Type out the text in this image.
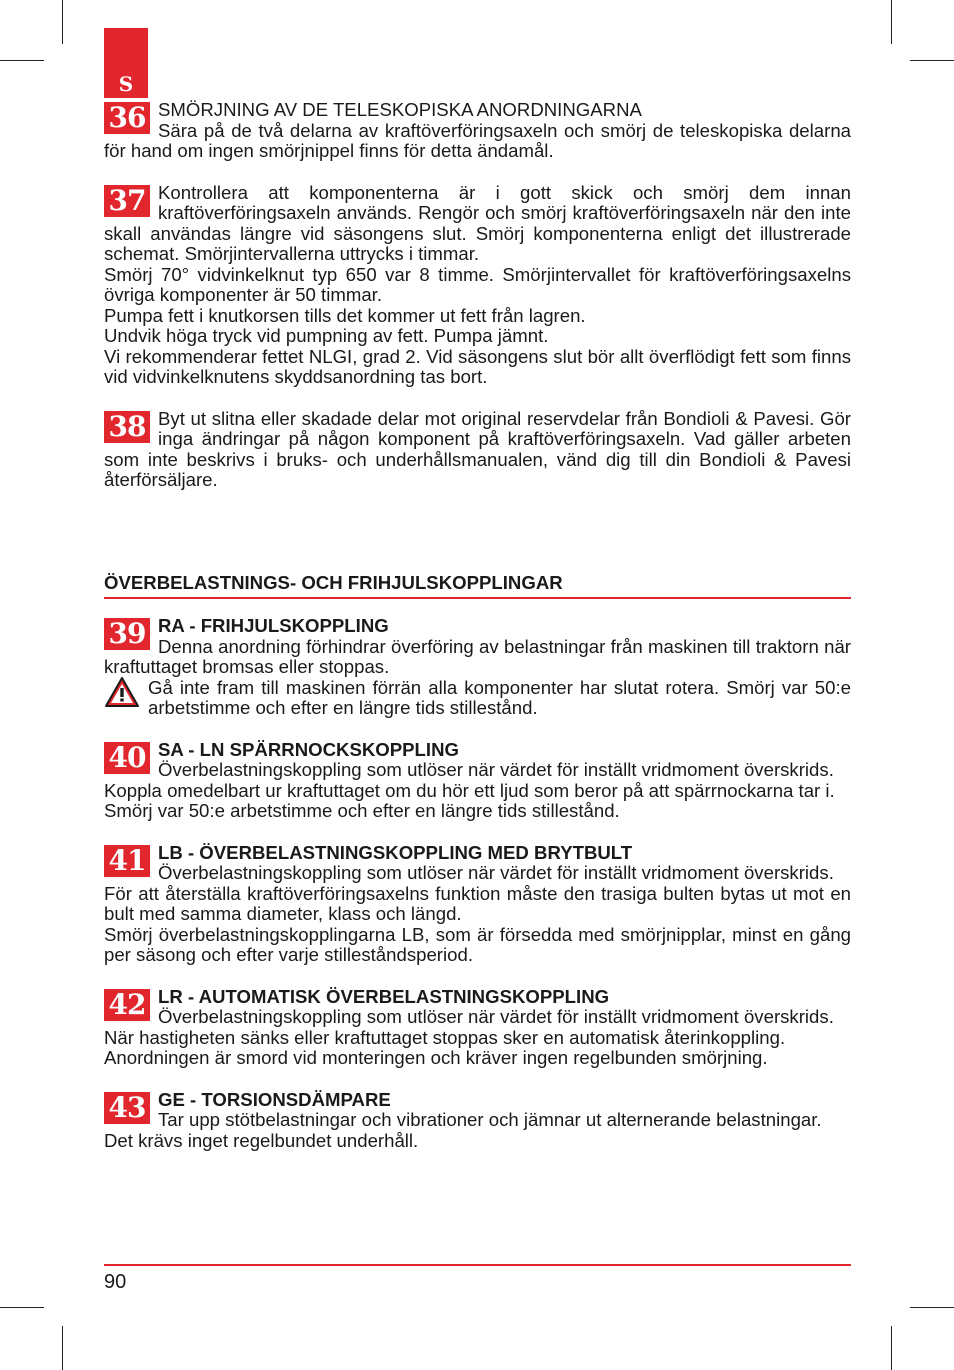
S
36 SMÖRJNING AV DE TELESKOPISKA ANORDNINGARNA

Sära på de två delarna av kraftöverföringsaxeln och smörj de teleskopiska delarna för hand om ingen smörjnippel finns för detta ändamål.

37 Kontrollera att komponenterna är i gott skick och smörj dem innan kraftöverföringsaxeln används. Rengör och smörj kraftöverföringsaxeln när den inte skall användas längre vid säsongens slut. Smörj komponenterna enligt det illustrerade schemat. Smörjintervallerna uttrycks i timmar.

Smörj 70° vidvinkelknut typ 650 var 8 timme. Smörjintervallet för kraftöverföringsaxelns övriga komponenter är 50 timmar.

Pumpa fett i knutkorsen tills det kommer ut fett från lagren.

Undvik höga tryck vid pumpning av fett. Pumpa jämnt.

Vi rekommenderar fettet NLGI, grad 2. Vid säsongens slut bör allt överflödigt fett som finns vid vidvinkelknutens skyddsanordning tas bort.

38 Byt ut slitna eller skadade delar mot original reservdelar från Bondioli & Pavesi. Gör inga ändringar på någon komponent på kraftöverföringsaxeln. Vad gäller arbeten som inte beskrivs i bruks- och underhållsmanualen, vänd dig till din Bondioli & Pavesi återförsäljare.

ÖVERBELASTNINGS- OCH FRIHJULSKOPPLINGAR
39 RA - FRIHJULSKOPPLING

Denna anordning förhindrar överföring av belastningar från maskinen till traktorn när kraftuttaget bromsas eller stoppas.

Gå inte fram till maskinen förrän alla komponenter har slutat rotera. Smörj var 50:e arbetstimme och efter en längre tids stillestånd.
40 SA - LN SPÄRRNOCKSKOPPLING

Överbelastningskoppling som utlöser när värdet för inställt vridmoment överskrids.

Koppla omedelbart ur kraftuttaget om du hör ett ljud som beror på att spärrnockarna tar i.

Smörj var 50:e arbetstimme och efter en längre tids stillestånd.

41 LB - ÖVERBELASTNINGSKOPPLING MED BRYTBULT

Överbelastningskoppling som utlöser när värdet för inställt vridmoment överskrids.

För att återställa kraftöverföringsaxelns funktion måste den trasiga bulten bytas ut mot en bult med samma diameter, klass och längd.

Smörj överbelastningskopplingarna LB, som är försedda med smörjnipplar, minst en gång per säsong och efter varje stilleståndsperiod.

42 LR - AUTOMATISK ÖVERBELASTNINGSKOPPLING

Överbelastningskoppling som utlöser när värdet för inställt vridmoment överskrids.

När hastigheten sänks eller kraftuttaget stoppas sker en automatisk återinkoppling.

Anordningen är smord vid monteringen och kräver ingen regelbunden smörjning.

43 GE - TORSIONSDÄMPARE

Tar upp stötbelastningar och vibrationer och jämnar ut alternerande belastningar.

Det krävs inget regelbundet underhåll.

90
